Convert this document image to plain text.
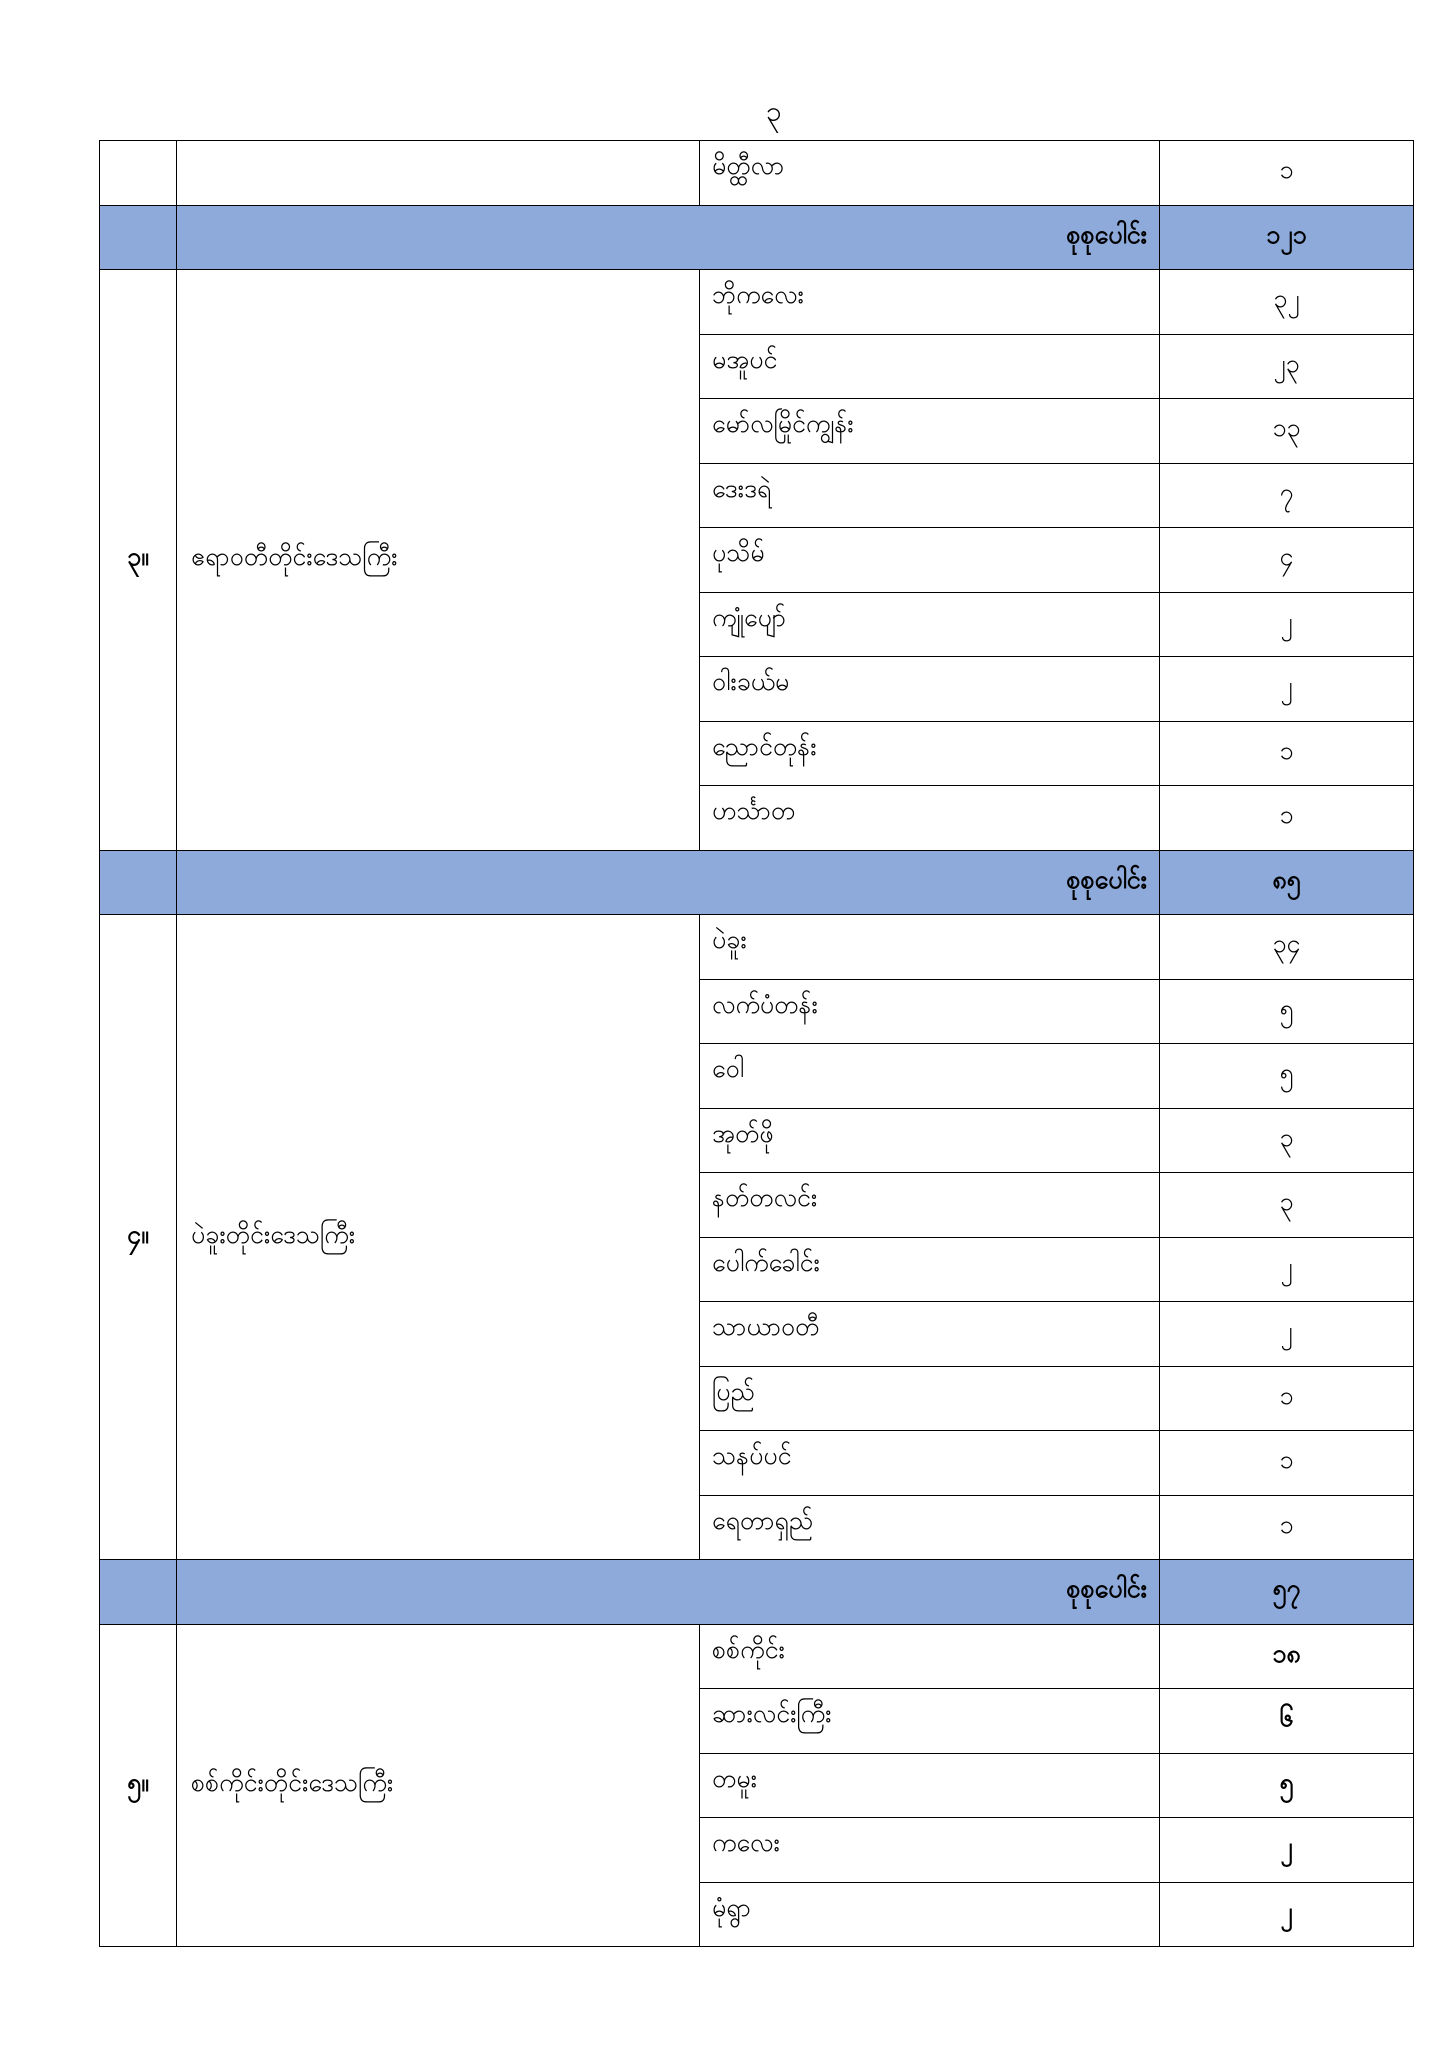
၃
		မိတ္ထီလာ	၁
	စုစုပေါင်း		၁၂၁
၃။	ဧရာဝတီတိုင်းဒေသကြီး	ဘိုကလေး	၃၂
		မအူပင်	၂၃
		မော်လမြိုင်ကျွန်း	၁၃
		ဒေးဒရဲ	၇
		ပုသိမ်	၄
		ကျုံပျော်	၂
		ဝါးခယ်မ	၂
		ညောင်တုန်း	၁
		ဟင်္သာတ	၁
	စုစုပေါင်း		၈၅
၄။	ပဲခူးတိုင်းဒေသကြီး	ပဲခူး	၃၄
		လက်ပံတန်း	၅
		ဝေါ	၅
		အုတ်ဖို	၃
		နတ်တလင်း	၃
		ပေါက်ခေါင်း	၂
		သာယာဝတီ	၂
		ပြည်	၁
		သနပ်ပင်	၁
		ရေတာရှည်	၁
	စုစုပေါင်း		၅၇
၅။	စစ်ကိုင်းတိုင်းဒေသကြီး	စစ်ကိုင်း	၁၈
		ဆားလင်းကြီး	၆
		တမူး	၅
		ကလေး	၂
		မုံရွာ	၂
